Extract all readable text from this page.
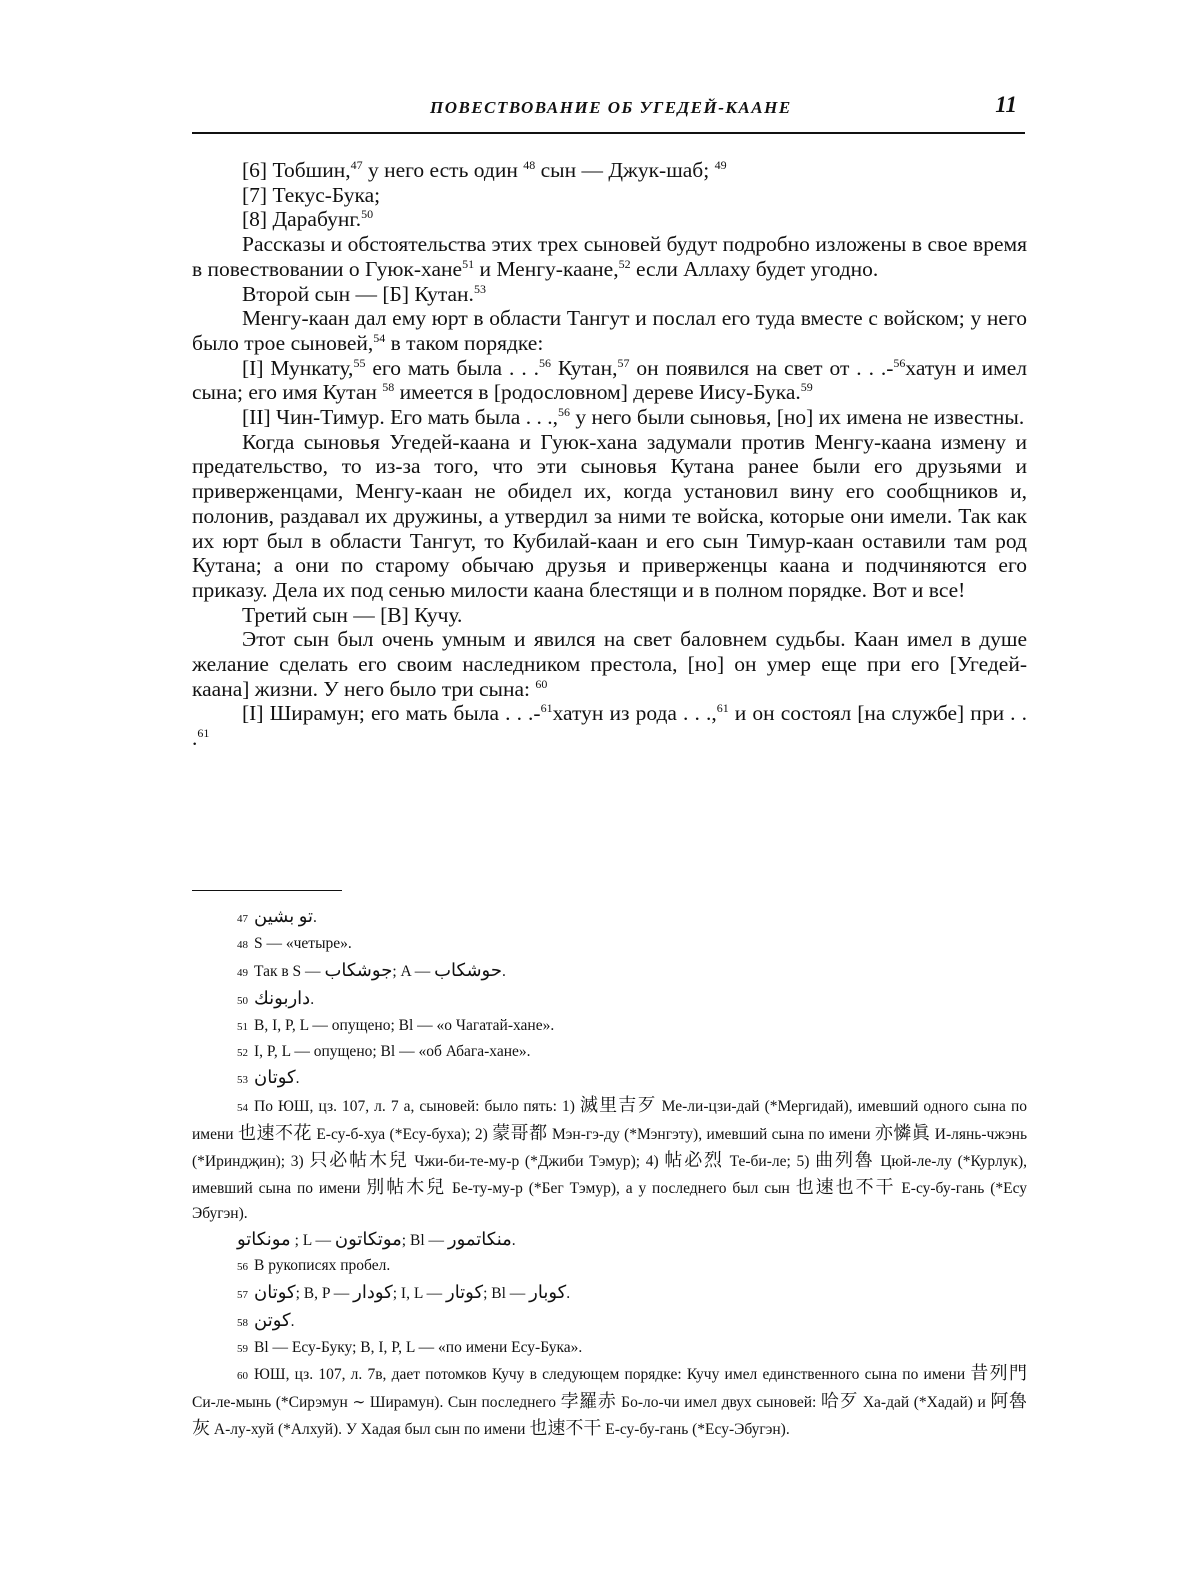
ПОВЕСТВОВАНИЕ ОБ УГЕДЕЙ-КААНЕ	11

[6] Тобшин,$^{47}$ у него есть один $^{48}$ сын — Джук-шаб; $^{49}$

[7] Текус-Бука;

[8] Дарабунг.$^{50}$

Рассказы и обстоятельства этих трех сыновей будут подробно изложены в свое время в повествовании о Гуюк-хане$^{51}$ и Менгу-каане,$^{52}$ если Аллаху будет угодно.

Второй сын — [Б] Кутан.$^{53}$

Менгу-каан дал ему юрт в области Тангут и послал его туда вместе с войском; у него было трое сыновей,$^{54}$ в таком порядке:

[I] Мункату,$^{55}$ его мать была . . .$^{56}$ Кутан,$^{57}$ он появился на свет от . . .-$^{56}$хатун и имел сына; его имя Кутан $^{58}$ имеется в [родословном] дереве Иису-Бука.$^{59}$

[II] Чин-Тимур. Его мать была . . .,$^{56}$ у него были сыновья, [но] их имена не известны.

Когда сыновья Угедей-каана и Гуюк-хана задумали против Менгу-каана измену и предательство, то из-за того, что эти сыновья Кутана ранее были его друзьями и приверженцами, Менгу-каан не обидел их, когда установил вину его сообщников и, полонив, раздавал их дружины, а утвердил за ними те войска, которые они имели. Так как их юрт был в области Тангут, то Кубилай-каан и его сын Тимур-каан оставили там род Кутана; а они по старому обычаю друзья и приверженцы каана и подчиняются его приказу. Дела их под сенью милости каана блестящи и в полном порядке. Вот и все!

Третий сын — [В] Кучу.

Этот сын был очень умным и явился на свет баловнем судьбы. Каан имел в душе желание сделать его своим наследником престола, [но] он умер еще при его [Угедей-каана] жизни. У него было три сына: $^{60}$

[I] Ширамун; его мать была . . .-$^{61}$хатун из рода . . .,$^{61}$ и он состоял [на службе] при . . .$^{61}$

47 تو بشين.

48 S — «четыре».

49 Так в S — جوشكاب; A — حوشكاب.

50 داربونك.

51 B, I, P, L — опущено; Bl — «о Чагатай-хане».

52 I, P, L — опущено; Bl — «об Абага-хане».

53 كوتان.

54 По ЮШ, цз. 107, л. 7 а, сыновей: было пять: 1) 滅里吉歹 Ме-ли-цзи-дай (*Мергидай), имевший одного сына по имени 也速不花 Е-су-б-хуа (*Есу-буха); 2) 蒙哥都 Мэн-гэ-ду (*Мэнгэту), имевший сына по имени 亦憐眞 И-лянь-чжэнь (*Ириндҗин); 3) 只必帖木兒 Чжи-би-те-му-р (*Джиби Тэмур); 4) 帖必烈 Те-би-ле; 5) 曲列魯 Цюй-ле-лу (*Курлук), имевший сына по имени 別帖木兒 Бе-ту-му-р (*Бег Тэмур), а у последнего был сын 也速也不干 Е-су-бу-гань (*Есу Эбугэн).

مونكاتو ; L — موتكاتون; Bl — منكاتمور.

56 В рукописях пробел.

57 كوتان; B, P — كودار; I, L — كوتار; Bl — كوبار.

58 كوتن.

59 Bl — Есу-Буку; B, I, P, L — «по имени Есу-Бука».

60 ЮШ, цз. 107, л. 7в, дает потомков Кучу в следующем порядке: Кучу имел единственного сына по имени 昔列門 Си-ле-мынь (*Сирэмун ∼ Ширамун). Сын последнего 孛羅赤 Бо-ло-чи имел двух сыновей: 哈歹 Ха-дай (*Хадай) и 阿魯灰 А-лу-хуй (*Алхуй). У Хадая был сын по имени 也速不干 Е-су-бу-гань (*Есу-Эбугэн).
